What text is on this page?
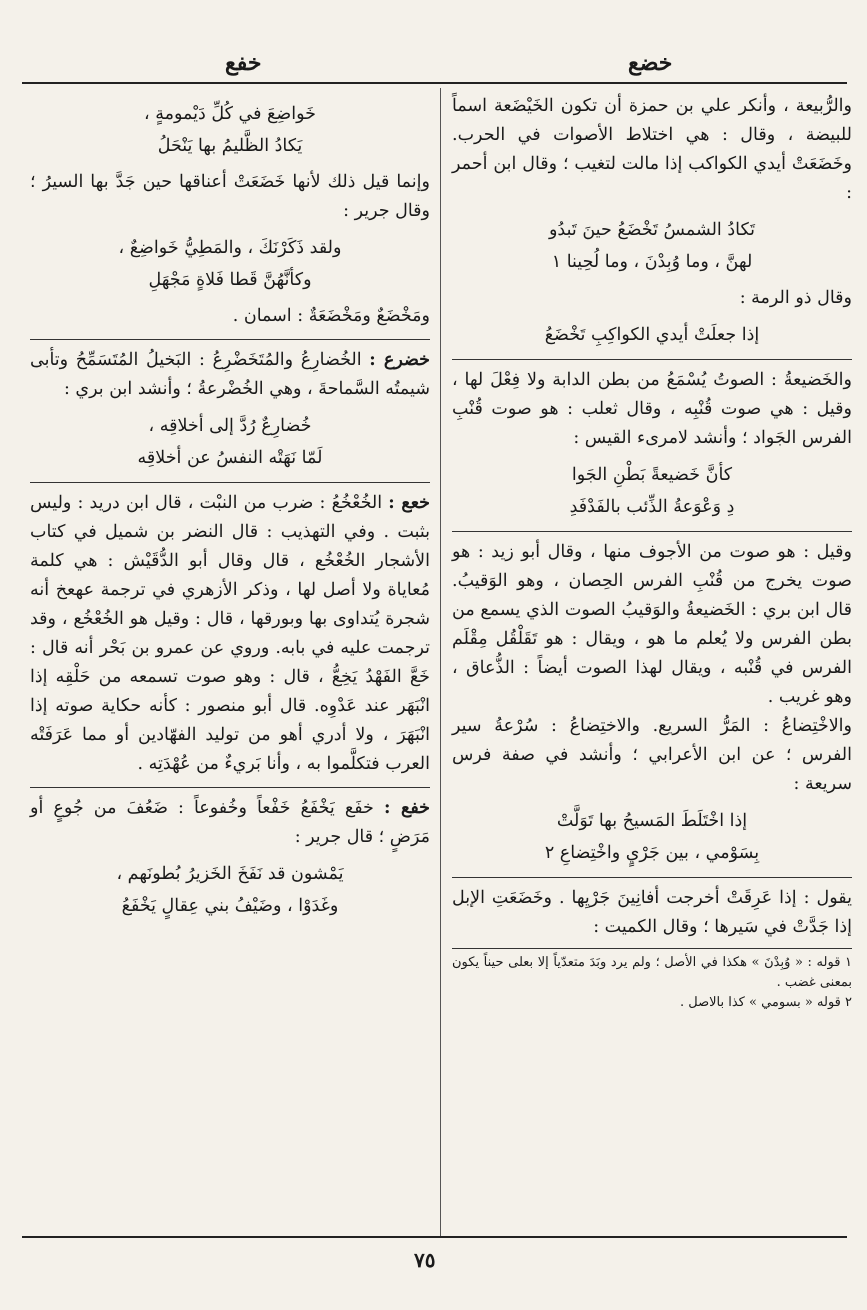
خضع
خفع

والرُّبيعة ، وأنكر علي بن حمزة أن تكون الخَيْضَعة اسماً للبيضة ، وقال : هي اختلاط الأصوات في الحرب. وخَضَعَتْ أيدي الكواكب إذا مالت لتغيب ؛ وقال ابن أحمر :

تَكادُ الشمسُ تَخْضَعُ حينَ تَبدُو
لهنَّ ، وما وُبِدْنَ ، وما لُحِينا ١

وقال ذو الرمة :

إذا جعلَتْ أيدي الكواكِبِ تَخْضَعُ

والخَضيعةُ : الصوتُ يُسْمَعُ من بطن الدابة ولا فِعْلَ لها ، وقيل : هي صوت قُنْبِه ، وقال ثعلب : هو صوت قُنْبِ الفرس الجَواد ؛ وأنشد لامرىء القيس :

كأنَّ خَضيعةً بَطْنِ الجَوا
دِ وَعْوَعةُ الذِّئب بالفَدْفَدِ

وقيل : هو صوت من الأجوف منها ، وقال أبو زيد : هو صوت يخرج من قُنْبِ الفرس الحِصان ، وهو الوَقيبُ. قال ابن بري : الخَضيعةُ والوَقيبُ الصوت الذي يسمع من بطن الفرس ولا يُعلم ما هو ، ويقال : هو تَقَلْقُل مِقْلَم الفرس في قُنْبه ، ويقال لهذا الصوت أيضاً : الذُّعاق ، وهو غريب .

والاخْتِضاعُ : المَرُّ السريع. والاختِضاعُ : سُرْعةُ سير الفرس ؛ عن ابن الأعرابي ؛ وأنشد في صفة فرس سريعة :

إذا اخْتَلَطَ المَسيحُ بها تَوَلَّتْ
بِسَوْمي ، بين جَرْيٍ واخْتِضاعِ ٢

يقول : إذا عَرِقَتْ أخرجت أفانِينَ جَرْيِها . وخَضَعَتِ الإبل إذا جَدَّتْ في سَيرها ؛ وقال الكميت :

١ قوله : « وُبِدْنَ » هكذا في الأصل ؛ ولم يرد وبَدَ متعدّياً إلا بعلى حيناً يكون بمعنى غضب .

٢ قوله « بسومي » كذا بالاصل .

خَواضِعَ في كُلِّ دَيْمومةٍ ،
يَكادُ الظَّليمُ بها يَنْحَلُ

وإنما قيل ذلك لأنها خَضَعَتْ أعناقها حين جَدَّ بها السيرُ ؛ وقال جرير :

ولقد ذَكَرْنَكَ ، والمَطِيُّ خَواضِعٌ ،
وكأنَّهُنَّ قَطا فَلاةٍ مَجْهَلِ

ومَخْضَعٌ ومَخْضَعَةٌ : اسمان .

خضرع : الخُضارِعُ والمُتَخَضْرِعُ : البَخيلُ المُتَسَمِّحُ وتأبى شيمتُه السَّماحةَ ، وهي الخُضْرعةُ ؛ وأنشد ابن بري :

خُضارِعٌ رُدَّ إلى أخلاقِه ،
لَمّا نَهَتْه النفسُ عن أخلاقِه

خعع : الخُعْخُعُ : ضرب من النبْت ، قال ابن دريد : وليس بثبت . وفي التهذيب : قال النضر بن شميل في كتاب الأشجار الخُعْخُع ، قال وقال أبو الدُّقَيْش : هي كلمة مُعاياة ولا أصل لها ، وذكر الأزهري في ترجمة عهعخ أنه شجرة يُتداوى بها وبورقها ، قال : وقيل هو الخُعْخُع ، وقد ترجمت عليه في بابه. وروي عن عمرو بن بَحْر أنه قال : خَعَّ الفَهْدُ يَخِعُّ ، قال : وهو صوت تسمعه من حَلْقِه إذا انْبَهَر عند عَدْوِه. قال أبو منصور : كأنه حكاية صوته إذا انْبَهَرَ ، ولا أدري أهو من توليد الفهّادين أو مما عَرَفَتْه العرب فتكلَّموا به ، وأنا بَريءٌ من عُهْدَتِه .

خفع : خفَع يَخْفَعُ خَفْعاً وخُفوعاً : ضَعُفَ من جُوعٍ أو مَرَضٍ ؛ قال جرير :

يَمْشون قد نَفَخَ الخَزيرُ بُطونَهم ،
وغَدَوْا ، وضَيْفُ بني عِقالٍ يَخْفَعُ
٧٥
